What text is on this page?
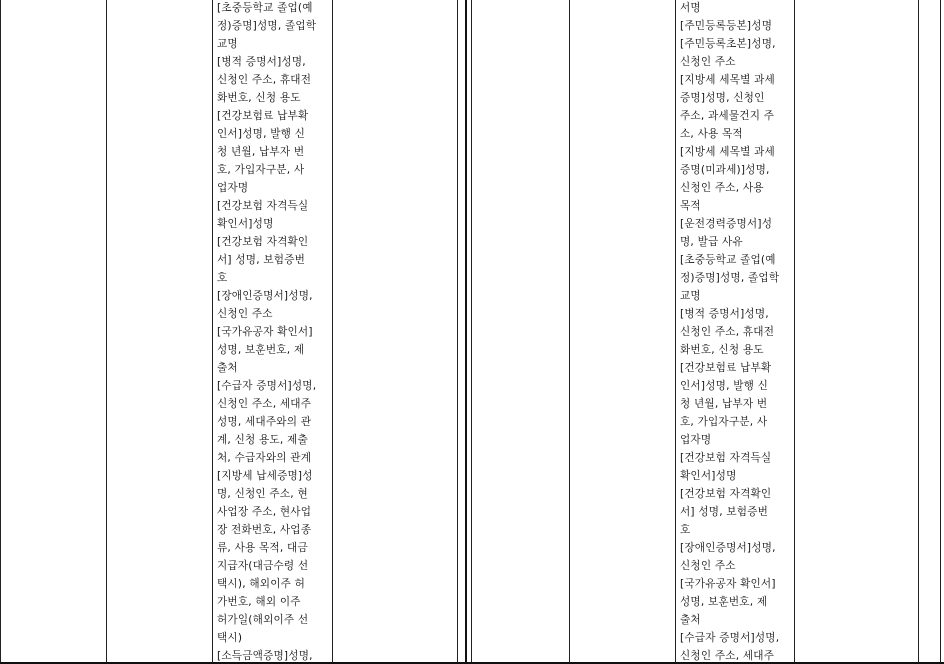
[초중등학교 졸업(예
정)증명]성명, 졸업학
교명
[병적 증명서]성명,
신청인 주소, 휴대전
화번호, 신청 용도
[건강보험료 납부확
인서]성명, 발행 신
청 년월, 납부자 번
호, 가입자구분, 사
업자명
[건강보험 자격득실
확인서]성명
[건강보험 자격확인
서] 성명, 보험증번
호
[장애인증명서]성명,
신청인 주소
[국가유공자 확인서]
성명, 보훈번호, 제
출처
[수급자 증명서]성명,
신청인 주소, 세대주
성명, 세대주와의 관
계, 신청 용도, 제출
처, 수급자와의 관계
[지방세 납세증명]성
명, 신청인 주소, 현
사업장 주소, 현사업
장 전화번호, 사업종
류, 사용 목적, 대금
지급자(대금수령 선
택시), 해외이주 허
가번호, 해외 이주
허가일(해외이주 선
택시)
[소득금액증명]성명,
서명
[주민등록등본]성명
[주민등록초본]성명,
신청인 주소
[지방세 세목별 과세
증명]성명, 신청인
주소, 과세물건지 주
소, 사용 목적
[지방세 세목별 과세
증명(미과세)]성명,
신청인 주소, 사용
목적
[운전경력증명서]성
명, 발급 사유
[초중등학교 졸업(예
정)증명]성명, 졸업학
교명
[병적 증명서]성명,
신청인 주소, 휴대전
화번호, 신청 용도
[건강보험료 납부확
인서]성명, 발행 신
청 년월, 납부자 번
호, 가입자구분, 사
업자명
[건강보험 자격득실
확인서]성명
[건강보험 자격확인
서] 성명, 보험증번
호
[장애인증명서]성명,
신청인 주소
[국가유공자 확인서]
성명, 보훈번호, 제
출처
[수급자 증명서]성명,
신청인 주소, 세대주
